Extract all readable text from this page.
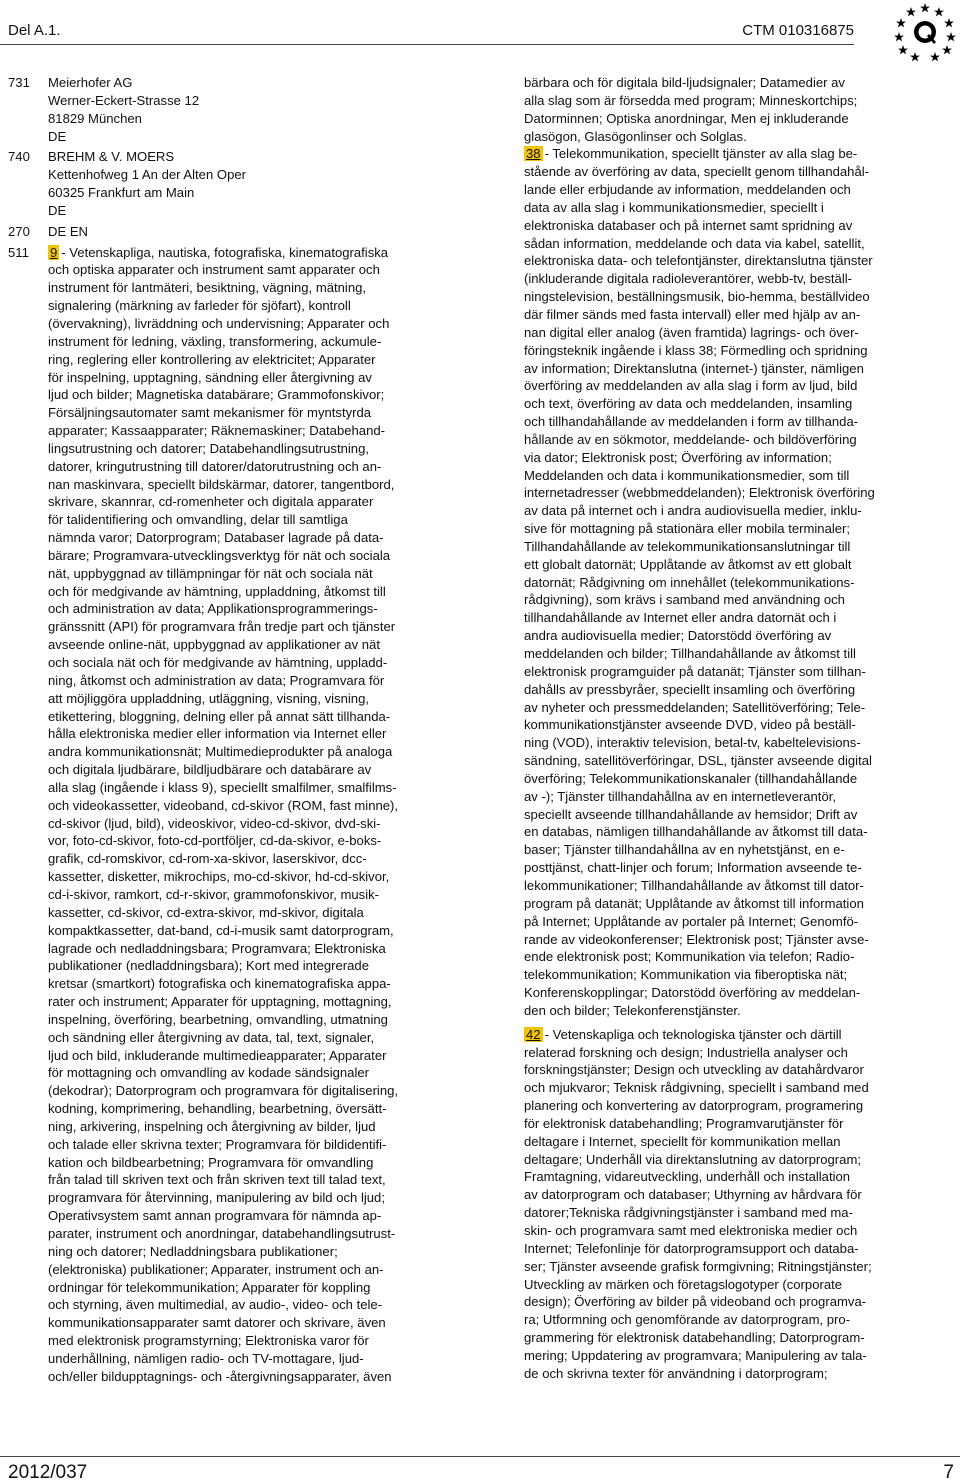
Del A.1.	CTM 010316875
731	Meierhofer AG
Werner-Eckert-Strasse 12
81829 München
DE
740	BREHM & V. MOERS
Kettenhofweg 1 An der Alten Oper
60325 Frankfurt am Main
DE
270	DE EN
511	9 - Vetenskapliga, nautiska, fotografiska, kinematografiska
och optiska apparater och instrument samt apparater och
instrument för lantmäteri, besiktning, vägning, mätning,
signalering (märkning av farleder för sjöfart), kontroll
(övervakning), livräddning och undervisning; Apparater och
instrument för ledning, växling, transformering, ackumule-
ring, reglering eller kontrollering av elektricitet; Apparater
för inspelning, upptagning, sändning eller återgivning av
ljud och bilder; Magnetiska databärare; Grammofonskivor;
Försäljningsautomater samt mekanismer för myntstyrda
apparater; Kassaapparater; Räknemaskiner; Databehand-
lingsutrustning och datorer; Databehandlingsutrustning,
datorer, kringutrustning till datorer/datorutrustning och an-
nan maskinvara, speciellt bildskärmar, datorer, tangentbord,
skrivare, skannrar, cd-romenheter och digitala apparater
för talidentifiering och omvandling, delar till samtliga
nämnda varor; Datorprogram; Databaser lagrade på data-
bärare; Programvara-utvecklingsverktyg för nät och sociala
nät, uppbyggnad av tillämpningar för nät och sociala nät
och för medgivande av hämtning, uppladdning, åtkomst till
och administration av data; Applikationsprogrammerings-
gränssnitt (API) för programvara från tredje part och tjänster
avseende online-nät, uppbyggnad av applikationer av nät
och sociala nät och för medgivande av hämtning, uppladd-
ning, åtkomst och administration av data; Programvara för
att möjliggöra uppladdning, utläggning, visning, visning,
etikettering, bloggning, delning eller på annat sätt tillhanda-
hålla elektroniska medier eller information via Internet eller
andra kommunikationsnät; Multimedieprodukter på analoga
och digitala ljudbärare, bildljudbärare och databärare av
alla slag (ingående i klass 9), speciellt smalfilmer, smalfilms-
och videokassetter, videoband, cd-skivor (ROM, fast minne),
cd-skivor (ljud, bild), videoskivor, video-cd-skivor, dvd-ski-
vor, foto-cd-skivor, foto-cd-portföljer, cd-da-skivor, e-boks-
grafik, cd-romskivor, cd-rom-xa-skivor, laserskivor, dcc-
kassetter, disketter, mikrochips, mo-cd-skivor, hd-cd-skivor,
cd-i-skivor, ramkort, cd-r-skivor, grammofonskivor, musik-
kassetter, cd-skivor, cd-extra-skivor, md-skivor, digitala
kompaktkassetter, dat-band, cd-i-musik samt datorprogram,
lagrade och nedladdningsbara; Programvara; Elektroniska
publikationer (nedladdningsbara); Kort med integrerade
kretsar (smartkort) fotografiska och kinematografiska appa-
rater och instrument; Apparater för upptagning, mottagning,
inspelning, överföring, bearbetning, omvandling, utmatning
och sändning eller återgivning av data, tal, text, signaler,
ljud och bild, inkluderande multimedieapparater; Apparater
för mottagning och omvandling av kodade sändsignaler
(dekodrar); Datorprogram och programvara för digitalisering,
kodning, komprimering, behandling, bearbetning, översätt-
ning, arkivering, inspelning och återgivning av bilder, ljud
och talade eller skrivna texter; Programvara för bildidentifi-
kation och bildbearbetning; Programvara för omvandling
från talad till skriven text och från skriven text till talad text,
programvara för återvinning, manipulering av bild och ljud;
Operativsystem samt annan programvara för nämnda ap-
parater, instrument och anordningar, databehandlingsutrust-
ning och datorer; Nedladdningsbara publikationer;
(elektroniska) publikationer; Apparater, instrument och an-
ordningar för telekommunikation; Apparater för koppling
och styrning, även multimedial, av audio-, video- och tele-
kommunikationsapparater samt datorer och skrivare, även
med elektronisk programstyrning; Elektroniska varor för
underhållning, nämligen radio- och TV-mottagare, ljud-
och/eller bildupptagnings- och -återgivningsapparater, även
bärbara och för digitala bild-ljudsignaler; Datamedier av
alla slag som är försedda med program; Minneskortchips;
Datorminnen; Optiska anordningar, Men ej inkluderande
glasögon, Glasögonlinser och Solglas.
38 - Telekommunikation, speciellt tjänster av alla slag be-
stående av överföring av data, speciellt genom tillhandahål-
lande eller erbjudande av information, meddelanden och
data av alla slag i kommunikationsmedier, speciellt i
elektroniska databaser och på internet samt spridning av
sådan information, meddelande och data via kabel, satellit,
elektroniska data- och telefontjänster, direktanslutna tjänster
(inkluderande digitala radioleverantörer, webb-tv, beställ-
ningstelevision, beställningsmusik, bio-hemma, beställvideo
där filmer sänds med fasta intervall) eller med hjälp av an-
nan digital eller analog (även framtida) lagrings- och över-
föringsteknik ingående i klass 38; Förmedling och spridning
av information; Direktanslutna (internet-) tjänster, nämligen
överföring av meddelanden av alla slag i form av ljud, bild
och text, överföring av data och meddelanden, insamling
och tillhandahållande av meddelanden i form av tillhanda-
hållande av en sökmotor, meddelande- och bildöverföring
via dator; Elektronisk post; Överföring av information;
Meddelanden och data i kommunikationsmedier, som till
internetadresser (webbmeddelanden); Elektronisk överföring
av data på internet och i andra audiovisuella medier, inklu-
sive för mottagning på stationära eller mobila terminaler;
Tillhandahållande av telekommunikationsanslutningar till
ett globalt datornät; Upplåtande av åtkomst av ett globalt
datornät; Rådgivning om innehållet (telekommunikations-
rådgivning), som krävs i samband med användning och
tillhandahållande av Internet eller andra datornät och i
andra audiovisuella medier; Datorstödd överföring av
meddelanden och bilder; Tillhandahållande av åtkomst till
elektronisk programguider på datanät; Tjänster som tillhan-
dahålls av pressbyråer, speciellt insamling och överföring
av nyheter och pressmeddelanden; Satellitöverföring; Tele-
kommunikationstjänster avseende DVD, video på beställ-
ning (VOD), interaktiv television, betal-tv, kabeltelevisions-
sändning, satellitöverföringar, DSL, tjänster avseende digital
överföring; Telekommunikationskanaler (tillhandahållande
av -); Tjänster tillhandahållna av en internetleverantör,
speciellt avseende tillhandahållande av hemsidor; Drift av
en databas, nämligen tillhandahållande av åtkomst till data-
baser; Tjänster tillhandahållna av en nyhetstjänst, en e-
posttjänst, chatt-linjer och forum; Information avseende te-
lekommunikationer; Tillhandahållande av åtkomst till dator-
program på datanät; Upplåtande av åtkomst till information
på Internet; Upplåtande av portaler på Internet; Genomfö-
rande av videokonferenser; Elektronisk post; Tjänster avse-
ende elektronisk post; Kommunikation via telefon; Radio-
telekommunikation; Kommunikation via fiberoptiska nät;
Konferenskopplingar; Datorstödd överföring av meddelan-
den och bilder; Telekonferenstjänster.
42 - Vetenskapliga och teknologiska tjänster och därtill
relaterad forskning och design; Industriella analyser och
forskningstjänster; Design och utveckling av datahårdvaror
och mjukvaror; Teknisk rådgivning, speciellt i samband med
planering och konvertering av datorprogram, programering
för elektronisk databehandling; Programvarutjänster för
deltagare i Internet, speciellt för kommunikation mellan
deltagare; Underhåll via direktanslutning av datorprogram;
Framtagning, vidareutveckling, underhåll och installation
av datorprogram och databaser; Uthyrning av hårdvara för
datorer;Tekniska rådgivningstjänster i samband med ma-
skin- och programvara samt med elektroniska medier och
Internet; Telefonlinje för datorprogramsupport och databa-
ser; Tjänster avseende grafisk formgivning; Ritningstjänster;
Utveckling av märken och företagslogotyper (corporate
design); Överföring av bilder på videoband och programva-
ra; Utformning och genomförande av datorprogram, pro-
grammering för elektronisk databehandling; Datorprogram-
mering; Uppdatering av programvara; Manipulering av tala-
de och skrivna texter för användning i datorprogram;
2012/037	7
